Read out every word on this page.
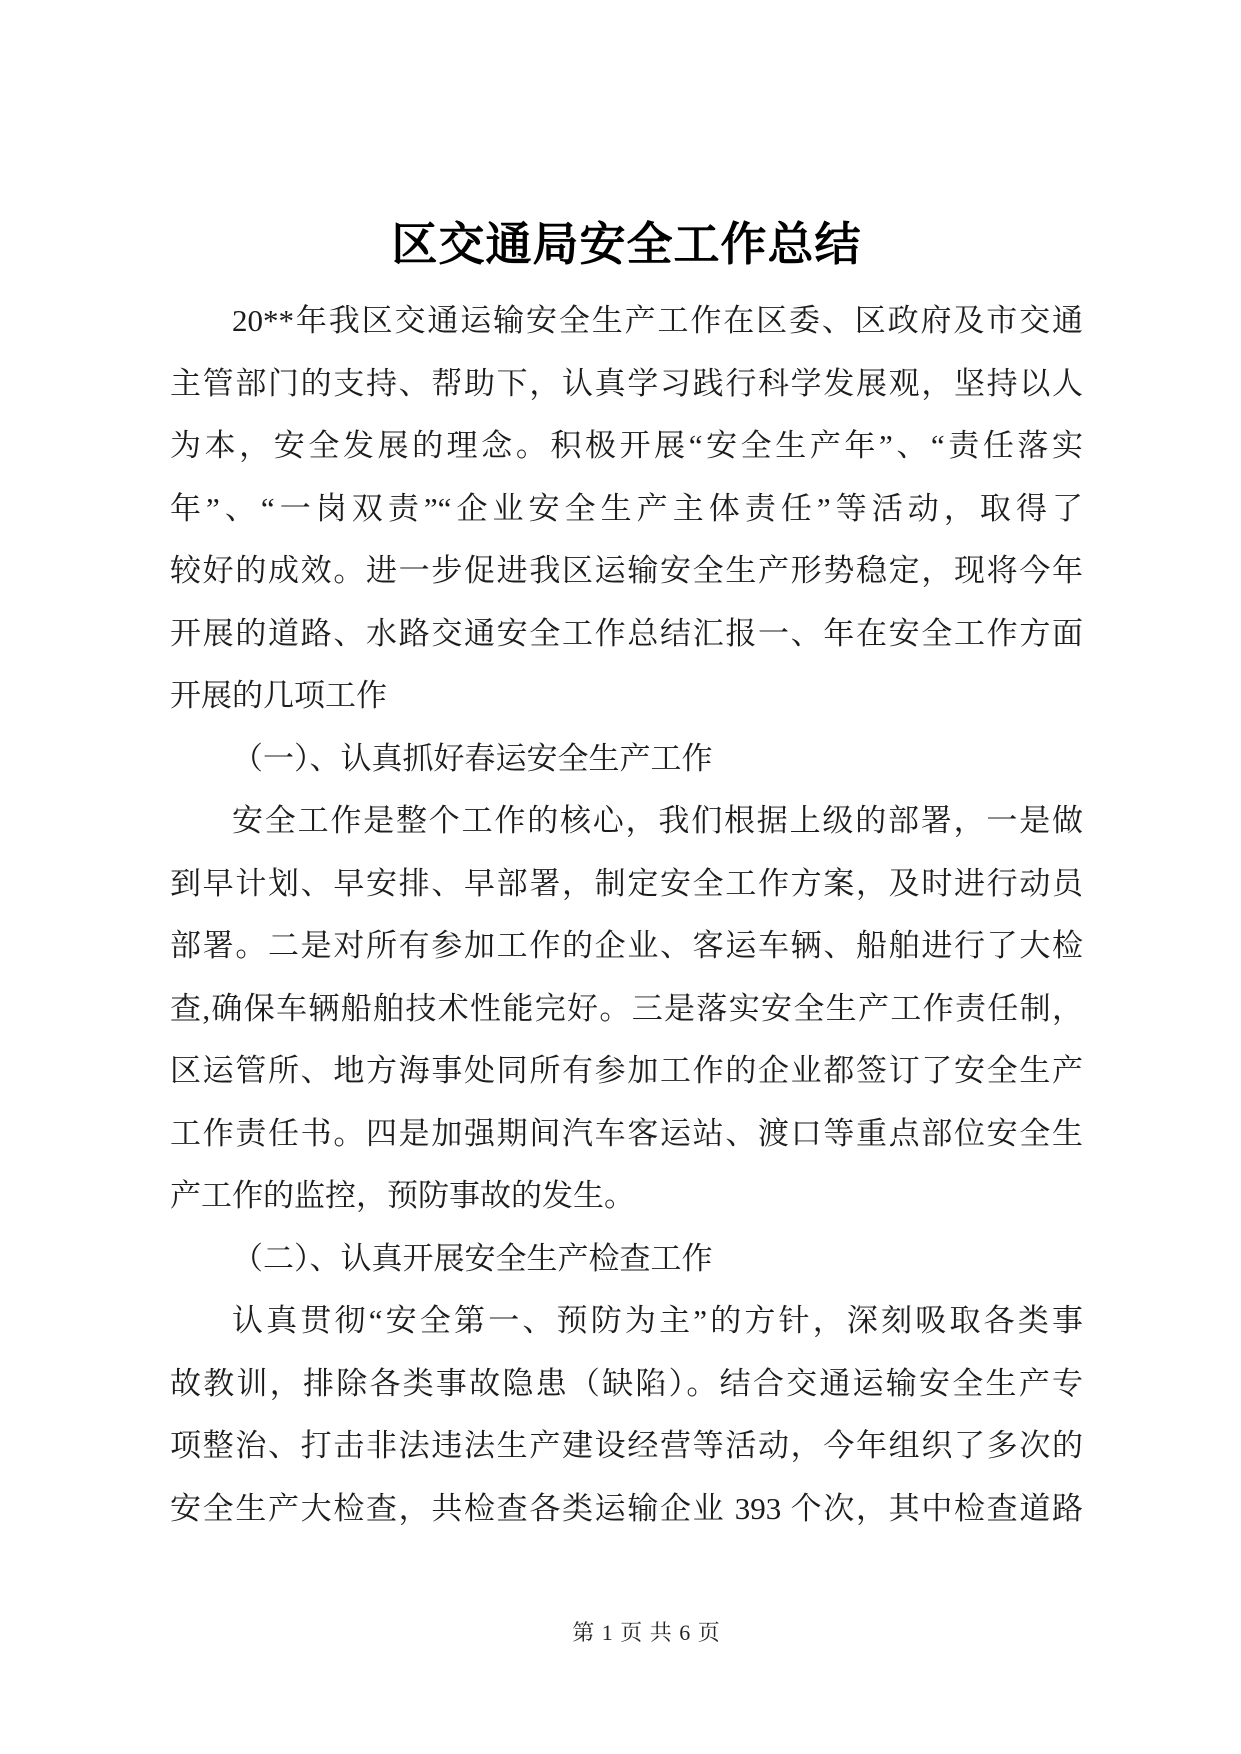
区交通局安全工作总结
20**年我区交通运输安全生产工作在区委、区政府及市交通
主管部门的支持、帮助下，认真学习践行科学发展观，坚持以人
为本，安全发展的理念。积极开展“安全生产年”、“责任落实
年”、“一岗双责”“企业安全生产主体责任”等活动，取得了
较好的成效。进一步促进我区运输安全生产形势稳定，现将今年
开展的道路、水路交通安全工作总结汇报一、年在安全工作方面
开展的几项工作
（一）、认真抓好春运安全生产工作
安全工作是整个工作的核心，我们根据上级的部署，一是做
到早计划、早安排、早部署，制定安全工作方案，及时进行动员
部署。二是对所有参加工作的企业、客运车辆、船舶进行了大检
查,确保车辆船舶技术性能完好。三是落实安全生产工作责任制，
区运管所、地方海事处同所有参加工作的企业都签订了安全生产
工作责任书。四是加强期间汽车客运站、渡口等重点部位安全生
产工作的监控，预防事故的发生。
（二）、认真开展安全生产检查工作
认真贯彻“安全第一、预防为主”的方针，深刻吸取各类事
故教训，排除各类事故隐患（缺陷）。结合交通运输安全生产专
项整治、打击非法违法生产建设经营等活动，今年组织了多次的
安全生产大检查，共检查各类运输企业 393 个次，其中检查道路
第 1 页 共 6 页
